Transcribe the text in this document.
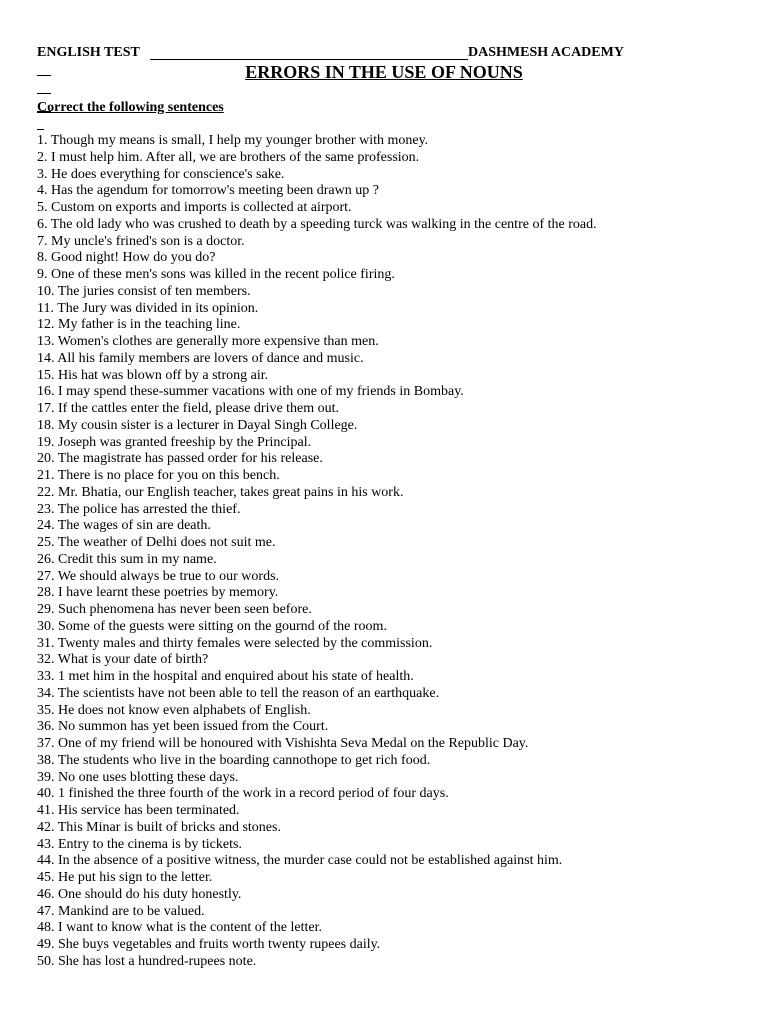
ENGLISH TEST

	DASHMESH ACADEMY

ERRORS IN THE USE OF NOUNS
Correct the following sentences
1. Though my means is small, I help my younger brother with money.
2. I must help him. After all, we are brothers of the same profession.
3. He does everything for conscience's sake.
4. Has the agendum for tomorrow's meeting been drawn up ?
5. Custom on exports and imports is collected at airport.
6. The old lady who was crushed to death by a speeding turck was walking in the centre of the road.
7. My uncle's frined's son is a doctor.
8. Good night! How do you do?
9. One of these men's sons was killed in the recent police firing.
10. The juries consist of ten members.
11. The Jury was divided in its opinion.
12. My father is in the teaching line.
13. Women's clothes are generally more expensive than men.
14. All his family members are lovers of dance and music.
15. His hat was blown off by a strong air.
16. I may spend these-summer vacations with one of my friends in Bombay.
17. If the cattles enter the field, please drive them out.
18. My cousin sister is a lecturer in Dayal Singh College.
19. Joseph was granted freeship by the Principal.
20. The magistrate has passed order for his release.
21. There is no place for you on this bench.
22. Mr. Bhatia, our English teacher, takes great pains in his work.
23. The police has arrested the thief.
24. The wages of sin are death.
25. The weather of Delhi does not suit me.
26. Credit this sum in my name.
27. We should always be true to our words.
28. I have learnt these poetries by memory.
29. Such phenomena has never been seen before.
30. Some of the guests were sitting on the gournd of the room.
31. Twenty males and thirty females were selected by the commission.
32. What is your date of birth?
33. 1 met him in the hospital and enquired about his state of health.
34. The scientists have not been able to tell the reason of an earthquake.
35. He does not know even alphabets of English.
36. No summon has yet been issued from the Court.
37. One of my friend will be honoured with Vishishta Seva Medal on the Republic Day.
38. The students who live in the boarding cannothope to get rich food.
39. No one uses blotting these days.
40. 1 finished the three fourth of the work in a record period of four days.
41. His service has been terminated.
42. This Minar is built of bricks and stones.
43. Entry to the cinema is by tickets.
44. In the absence of a positive witness, the murder case could not be established against him.
45. He put his sign to the letter.
46. One should do his duty honestly.
47. Mankind are to be valued.
48. I want to know what is the content of the letter.
49. She buys vegetables and fruits worth twenty rupees daily.
50. She has lost a hundred-rupees note.
